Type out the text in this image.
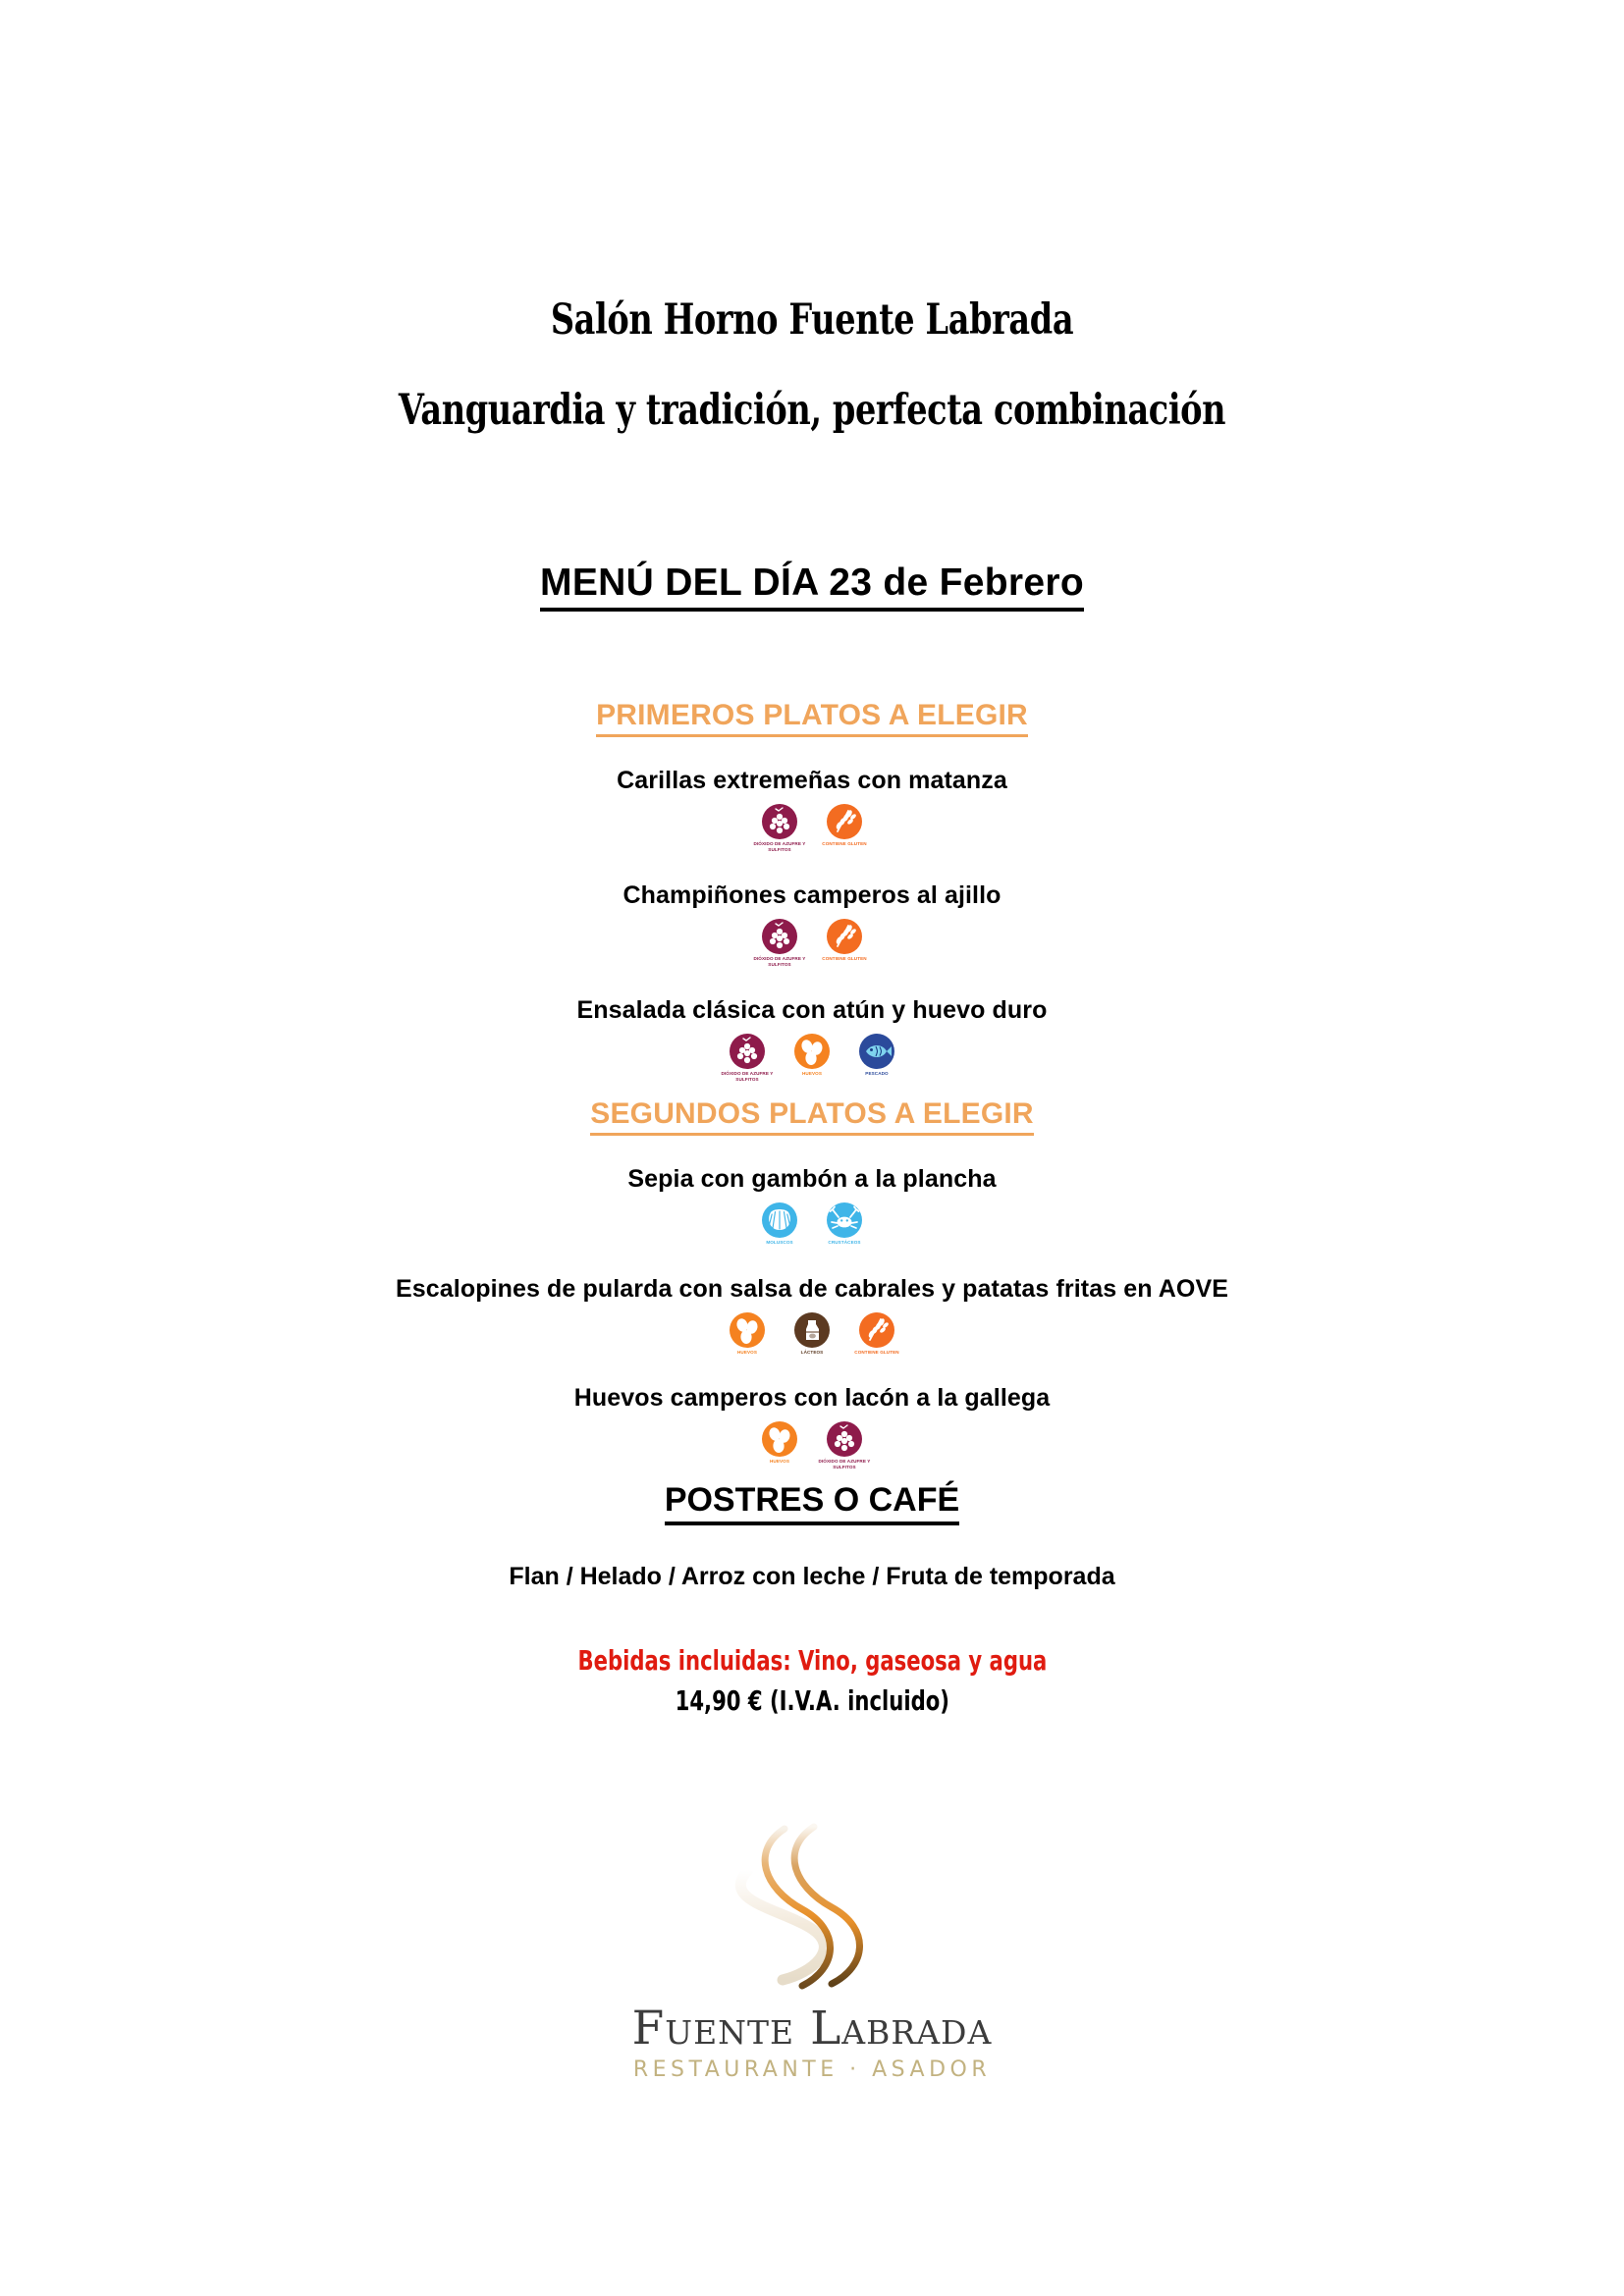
Salón Horno Fuente Labrada
Vanguardia y tradición, perfecta combinación
MENÚ DEL DÍA 23 de Febrero
PRIMEROS PLATOS A ELEGIR
Carillas extremeñas con matanza
DIÓXIDO DE AZUFRE Y SULFITOS
CONTIENE GLUTEN
Champiñones camperos al ajillo
DIÓXIDO DE AZUFRE Y SULFITOS
CONTIENE GLUTEN
Ensalada clásica con atún y huevo duro
DIÓXIDO DE AZUFRE Y SULFITOS
HUEVOS	PESCADO
SEGUNDOS PLATOS A ELEGIR
Sepia con gambón a la plancha
MOLUSCOS	CRUSTÁCEOS
Escalopines de pularda con salsa de cabrales y patatas fritas en AOVE
HUEVOS	LÁCTEOS	CONTIENE GLUTEN
Huevos camperos con lacón a la gallega
HUEVOS	DIÓXIDO DE AZUFRE Y SULFITOS
POSTRES O CAFÉ
Flan / Helado / Arroz con leche / Fruta de temporada
Bebidas incluidas: Vino, gaseosa y agua
14,90 € (I.V.A. incluido)
Fuente Labrada
RESTAURANTE · ASADOR
